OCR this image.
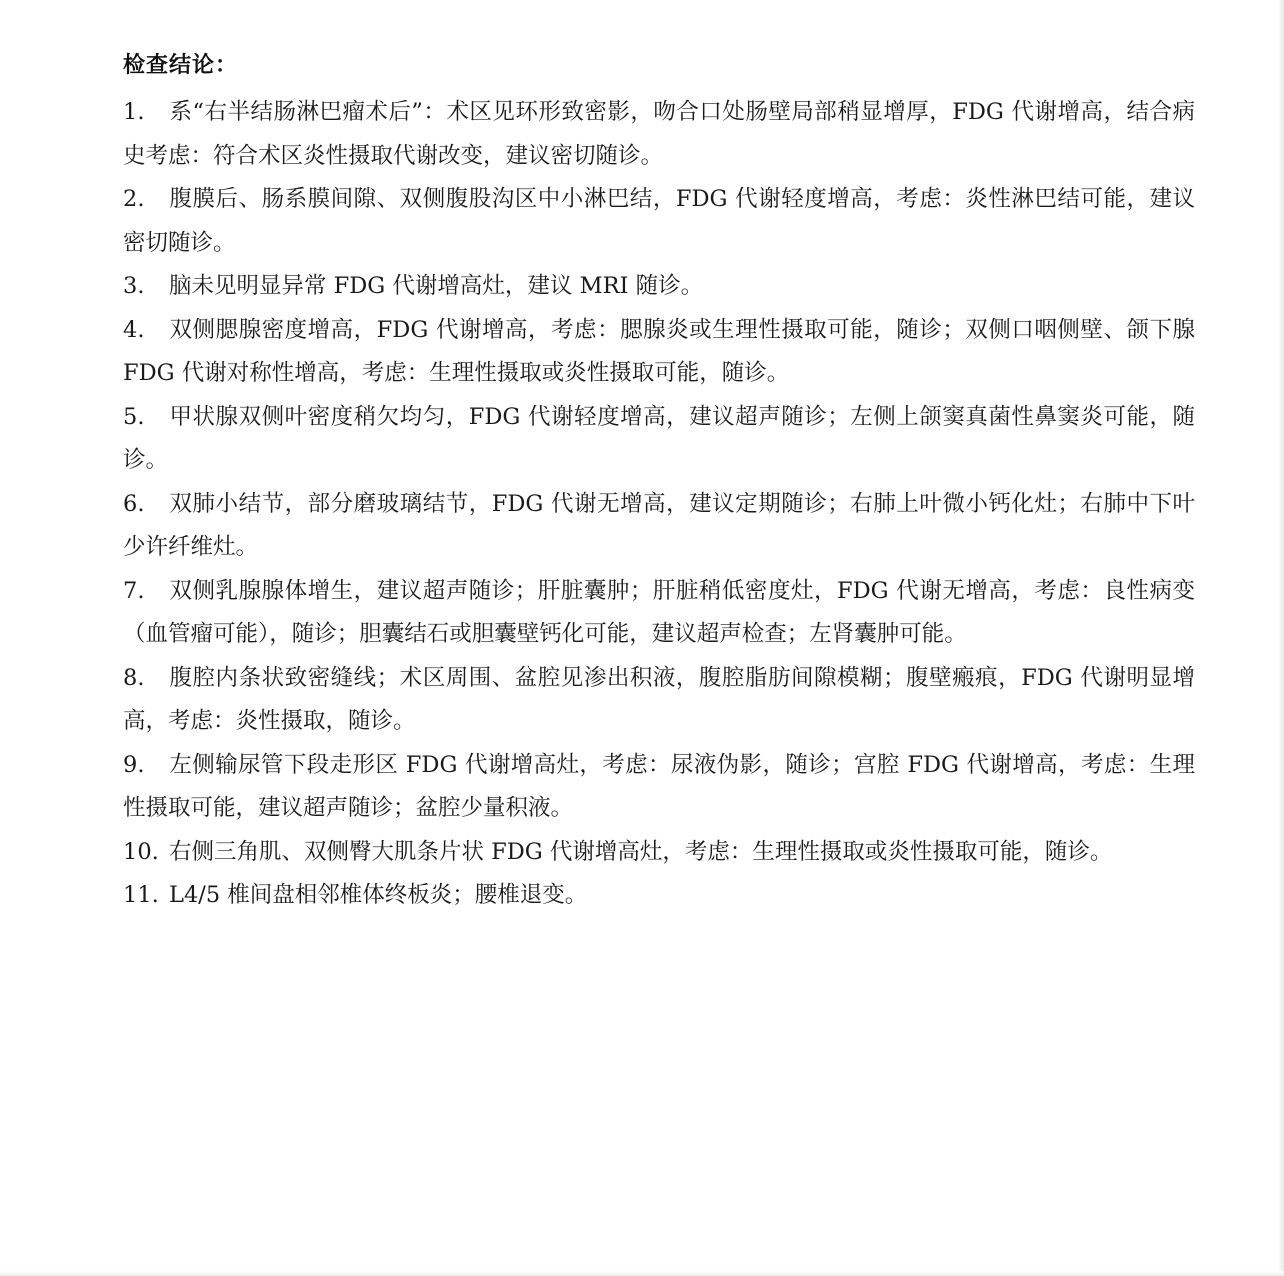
检查结论：
1. 系“右半结肠淋巴瘤术后”：术区见环形致密影，吻合口处肠壁局部稍显增厚，FDG 代谢增高，结合病史考虑：符合术区炎性摄取代谢改变，建议密切随诊。
2. 腹膜后、肠系膜间隙、双侧腹股沟区中小淋巴结，FDG 代谢轻度增高，考虑：炎性淋巴结可能，建议密切随诊。
3. 脑未见明显异常 FDG 代谢增高灶，建议 MRI 随诊。
4. 双侧腮腺密度增高，FDG 代谢增高，考虑：腮腺炎或生理性摄取可能，随诊；双侧口咽侧壁、颌下腺 FDG 代谢对称性增高，考虑：生理性摄取或炎性摄取可能，随诊。
5. 甲状腺双侧叶密度稍欠均匀，FDG 代谢轻度增高，建议超声随诊；左侧上颌窦真菌性鼻窦炎可能，随诊。
6. 双肺小结节，部分磨玻璃结节，FDG 代谢无增高，建议定期随诊；右肺上叶微小钙化灶；右肺中下叶少许纤维灶。
7. 双侧乳腺腺体增生，建议超声随诊；肝脏囊肿；肝脏稍低密度灶，FDG 代谢无增高，考虑：良性病变（血管瘤可能），随诊；胆囊结石或胆囊壁钙化可能，建议超声检查；左肾囊肿可能。
8. 腹腔内条状致密缝线；术区周围、盆腔见渗出积液，腹腔脂肪间隙模糊；腹壁瘢痕，FDG 代谢明显增高，考虑：炎性摄取，随诊。
9. 左侧输尿管下段走形区 FDG 代谢增高灶，考虑：尿液伪影，随诊；宫腔 FDG 代谢增高，考虑：生理性摄取可能，建议超声随诊；盆腔少量积液。
10. 右侧三角肌、双侧臀大肌条片状 FDG 代谢增高灶，考虑：生理性摄取或炎性摄取可能，随诊。
11. L4/5 椎间盘相邻椎体终板炎；腰椎退变。
